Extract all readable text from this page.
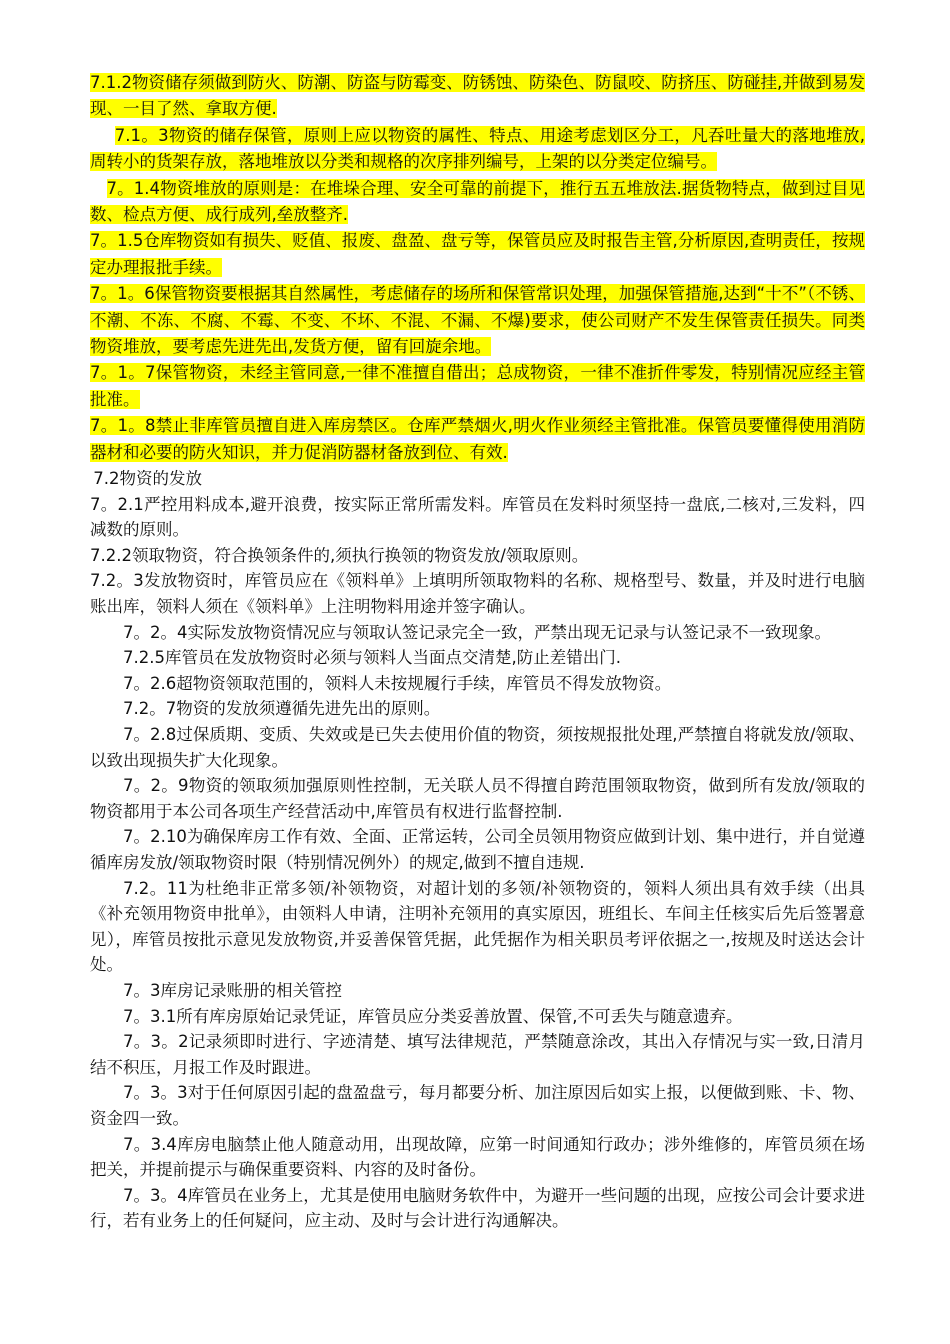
7.1.2物资储存须做到防火、防潮、防盗与防霉变、防锈蚀、防染色、防鼠咬、防挤压、防碰挂,并做到易发现、一目了然、拿取方便.

7.1。3物资的储存保管，原则上应以物资的属性、特点、用途考虑划区分工，凡吞吐量大的落地堆放,周转小的货架存放，落地堆放以分类和规格的次序排列编号，上架的以分类定位编号。

7。1.4物资堆放的原则是：在堆垛合理、安全可靠的前提下，推行五五堆放法.据货物特点，做到过目见数、检点方便、成行成列,垒放整齐.

7。1.5仓库物资如有损失、贬值、报废、盘盈、盘亏等，保管员应及时报告主管,分析原因,查明责任，按规定办理报批手续。

7。1。6保管物资要根据其自然属性，考虑储存的场所和保管常识处理，加强保管措施,达到“十不”（不锈、不潮、不冻、不腐、不霉、不变、不坏、不混、不漏、不爆)要求，使公司财产不发生保管责任损失。同类物资堆放，要考虑先进先出,发货方便，留有回旋余地。

7。1。7保管物资，未经主管同意,一律不准擅自借出；总成物资，一律不准折件零发，特别情况应经主管批准。

7。1。8禁止非库管员擅自进入库房禁区。仓库严禁烟火,明火作业须经主管批准。保管员要懂得使用消防器材和必要的防火知识，并力促消防器材备放到位、有效.

7.2物资的发放

7。2.1严控用料成本,避开浪费，按实际正常所需发料。库管员在发料时须坚持一盘底,二核对,三发料，四减数的原则。

7.2.2领取物资，符合换领条件的,须执行换领的物资发放/领取原则。

7.2。3发放物资时，库管员应在《领料单》上填明所领取物料的名称、规格型号、数量，并及时进行电脑账出库，领料人须在《领料单》上注明物料用途并签字确认。

7。2。4实际发放物资情况应与领取认签记录完全一致，严禁出现无记录与认签记录不一致现象。

7.2.5库管员在发放物资时必须与领料人当面点交清楚,防止差错出门.

7。2.6超物资领取范围的，领料人未按规履行手续，库管员不得发放物资。

7.2。7物资的发放须遵循先进先出的原则。

7。2.8过保质期、变质、失效或是已失去使用价值的物资，须按规报批处理,严禁擅自将就发放/领取、以致出现损失扩大化现象。

7。2。9物资的领取须加强原则性控制，无关联人员不得擅自跨范围领取物资，做到所有发放/领取的物资都用于本公司各项生产经营活动中,库管员有权进行监督控制.

7。2.10为确保库房工作有效、全面、正常运转，公司全员领用物资应做到计划、集中进行，并自觉遵循库房发放/领取物资时限（特别情况例外）的规定,做到不擅自违规.

7.2。11为杜绝非正常多领/补领物资，对超计划的多领/补领物资的，领料人须出具有效手续（出具《补充领用物资申批单》，由领料人申请，注明补充领用的真实原因，班组长、车间主任核实后先后签署意见），库管员按批示意见发放物资,并妥善保管凭据，此凭据作为相关职员考评依据之一,按规及时送达会计处。

7。3库房记录账册的相关管控

7。3.1所有库房原始记录凭证，库管员应分类妥善放置、保管,不可丢失与随意遗弃。

7。3。2记录须即时进行、字迹清楚、填写法律规范，严禁随意涂改，其出入存情况与实一致,日清月结不积压，月报工作及时跟进。

7。3。3对于任何原因引起的盘盈盘亏，每月都要分析、加注原因后如实上报，以便做到账、卡、物、资金四一致。

7。3.4库房电脑禁止他人随意动用，出现故障，应第一时间通知行政办；涉外维修的，库管员须在场把关，并提前提示与确保重要资料、内容的及时备份。

7。3。4库管员在业务上，尤其是使用电脑财务软件中，为避开一些问题的出现，应按公司会计要求进行，若有业务上的任何疑问，应主动、及时与会计进行沟通解决。
